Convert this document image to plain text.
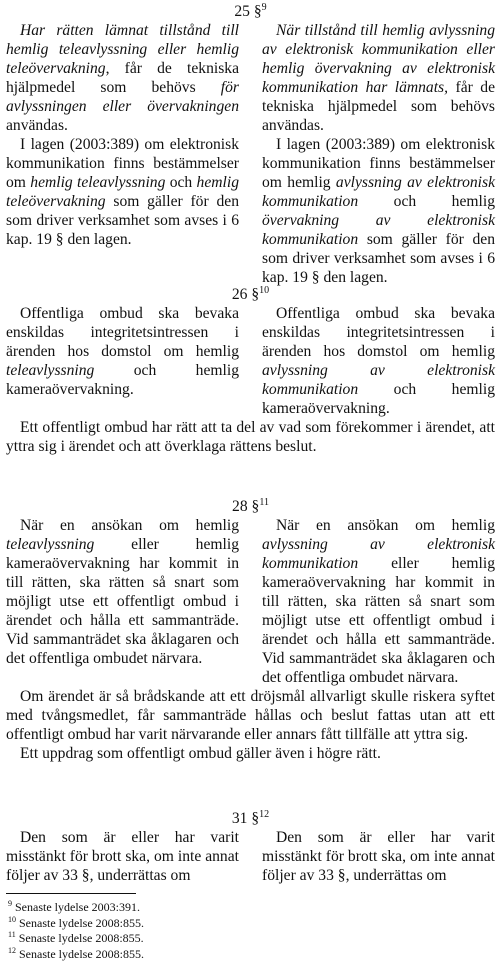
25 §$^9$

Har rätten lämnat tillstånd till hemlig teleavlyssning eller hemlig teleövervakning, får de tekniska hjälpmedel som behövs för avlyssningen eller övervakningen användas.

I lagen (2003:389) om elektronisk kommunikation finns bestämmelser om hemlig teleavlyssning och hemlig teleövervakning som gäller för den som driver verksamhet som avses i 6 kap. 19 § den lagen.

När tillstånd till hemlig avlyssning av elektronisk kommunikation eller hemlig övervakning av elektronisk kommunikation har lämnats, får de tekniska hjälpmedel som behövs användas.

I lagen (2003:389) om elektronisk kommunikation finns bestämmelser om hemlig avlyssning av elektronisk kommunikation och hemlig övervakning av elektronisk kommunikation som gäller för den som driver verksamhet som avses i 6 kap. 19 § den lagen.

26 §$^{10}$

Offentliga ombud ska bevaka enskildas integritetsintressen i ärenden hos domstol om hemlig teleavlyssning och hemlig kameraövervakning.

Offentliga ombud ska bevaka enskildas integritetsintressen i ärenden hos domstol om hemlig avlyssning av elektronisk kommunikation och hemlig kameraövervakning.

Ett offentligt ombud har rätt att ta del av vad som förekommer i ärendet, att yttra sig i ärendet och att överklaga rättens beslut.

28 §$^{11}$

När en ansökan om hemlig teleavlyssning eller hemlig kameraövervakning har kommit in till rätten, ska rätten så snart som möjligt utse ett offentligt ombud i ärendet och hålla ett sammanträde. Vid sammanträdet ska åklagaren och det offentliga ombudet närvara.

När en ansökan om hemlig avlyssning av elektronisk kommunikation eller hemlig kameraövervakning har kommit in till rätten, ska rätten så snart som möjligt utse ett offentligt ombud i ärendet och hålla ett sammanträde. Vid sammanträdet ska åklagaren och det offentliga ombudet närvara.

Om ärendet är så brådskande att ett dröjsmål allvarligt skulle riskera syftet med tvångsmedlet, får sammanträde hållas och beslut fattas utan att ett offentligt ombud har varit närvarande eller annars fått tillfälle att yttra sig.

Ett uppdrag som offentligt ombud gäller även i högre rätt.

31 §$^{12}$

Den som är eller har varit misstänkt för brott ska, om inte annat följer av 33 §, underrättas om

Den som är eller har varit misstänkt för brott ska, om inte annat följer av 33 §, underrättas om

$^9$ Senaste lydelse 2003:391.
$^{10}$ Senaste lydelse 2008:855.
$^{11}$ Senaste lydelse 2008:855.
$^{12}$ Senaste lydelse 2008:855.
